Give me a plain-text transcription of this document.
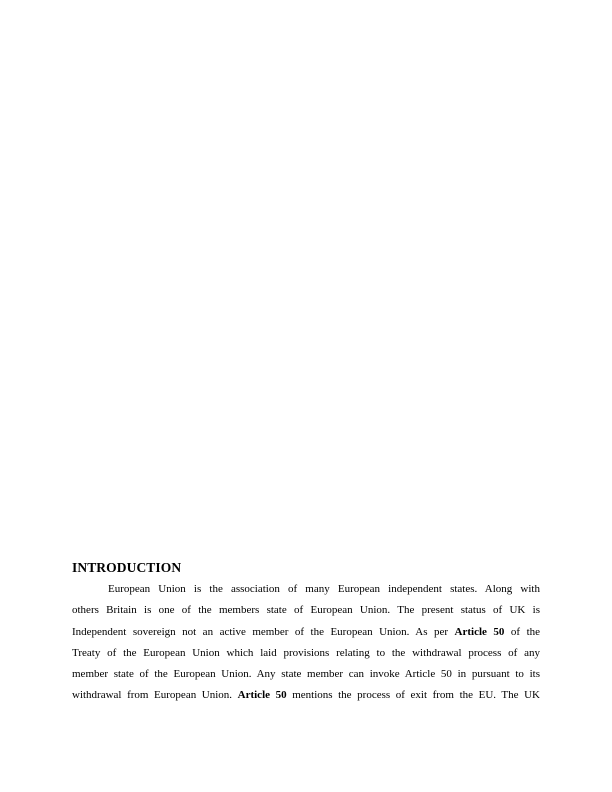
INTRODUCTION
European Union is the association of many European independent states. Along with
others Britain is one of the members state of European Union. The present status of UK is
Independent sovereign not an active member of the European Union. As per Article 50 of the
Treaty of the European Union which laid provisions relating to the withdrawal process of any
member state of the European Union. Any state member can invoke Article 50 in pursuant to its
withdrawal from European Union. Article 50 mentions the process of exit from the EU. The UK
